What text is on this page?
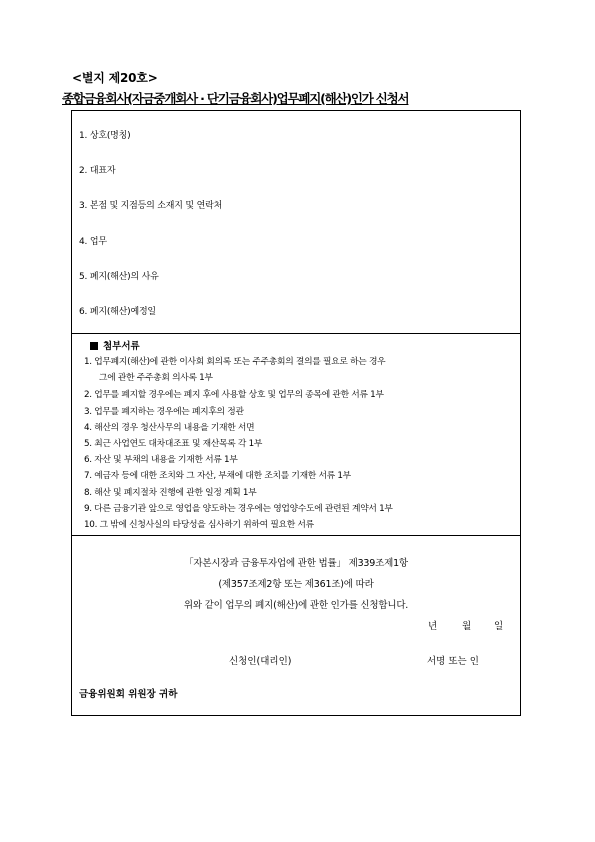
<별지 제20호>
종합금융회사(자금중개회사 · 단기금융회사)업무폐지(해산)인가 신청서
1. 상호(명칭)
2. 대표자
3. 본점 및 지점등의 소재지 및 연락처
4. 업무
5. 폐지(해산)의 사유
6. 폐지(해산)예정일
첨부서류
1. 업무폐지(해산)에 관한 이사회 회의록 또는 주주총회의 결의를 필요로 하는 경우
그에 관한 주주총회 의사록 1부
2. 업무를 폐지할 경우에는 폐지 후에 사용할 상호 및 업무의 종목에 관한 서류 1부
3. 업무를 폐지하는 경우에는 폐지후의 정관
4. 해산의 경우 청산사무의 내용을 기재한 서면
5. 최근 사업연도 대차대조표 및 재산목록 각 1부
6. 자산 및 부채의 내용을 기재한 서류 1부
7. 예금자 등에 대한 조치와 그 자산, 부채에 대한 조치를 기재한 서류 1부
8. 해산 및 폐지절차 진행에 관한 일정 계획 1부
9. 다른 금융기관 앞으로 영업을 양도하는 경우에는 영업양수도에 관련된 계약서 1부
10. 그 밖에 신청사실의 타당성을 심사하기 위하여 필요한 서류
「자본시장과 금융투자업에 관한 법률」 제339조제1항
(제357조제2항 또는 제361조)에 따라
위와 같이 업무의 폐지(해산)에 관한 인가를 신청합니다.
년	월 일
신청인(대리인)	서명 또는 인
금융위원회 위원장 귀하
